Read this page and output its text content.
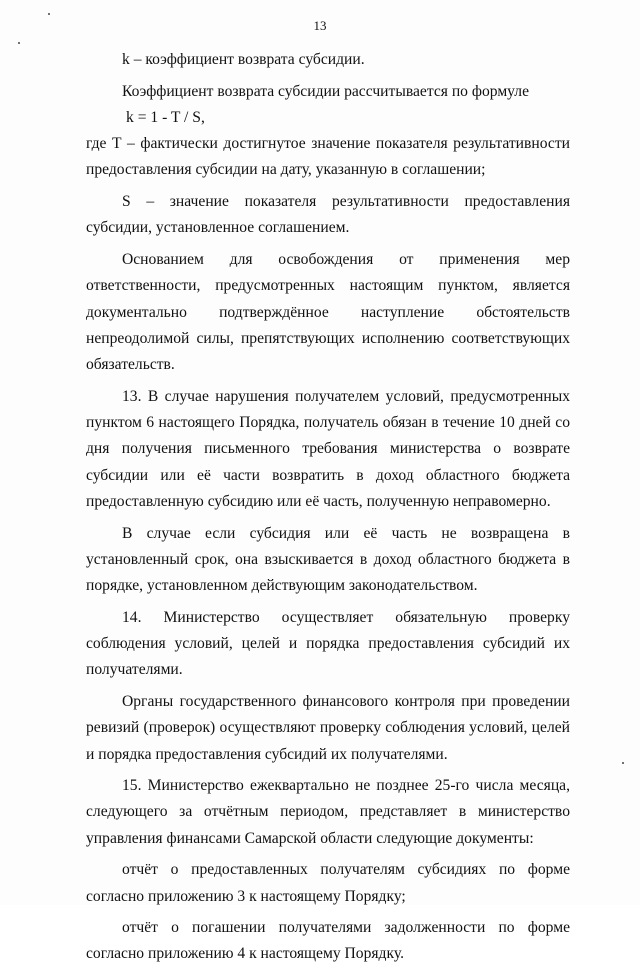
13

k – коэффициент возврата субсидии.

Коэффициент возврата субсидии рассчитывается по формуле

k = 1 - T / S,

где Т – фактически достигнутое значение показателя результативности предоставления субсидии на дату, указанную в соглашении;

S – значение показателя результативности предоставления субсидии, установленное соглашением.

Основанием для освобождения от применения мер ответственности, предусмотренных настоящим пунктом, является документально подтверждённое наступление обстоятельств непреодолимой силы, препятствующих исполнению соответствующих обязательств.

13. В случае нарушения получателем условий, предусмотренных пунктом 6 настоящего Порядка, получатель обязан в течение 10 дней со дня получения письменного требования министерства о возврате субсидии или её части возвратить в доход областного бюджета предоставленную субсидию или её часть, полученную неправомерно.

В случае если субсидия или её часть не возвращена в установленный срок, она взыскивается в доход областного бюджета в порядке, установленном действующим законодательством.

14. Министерство осуществляет обязательную проверку соблюдения условий, целей и порядка предоставления субсидий их получателями.

Органы государственного финансового контроля при проведении ревизий (проверок) осуществляют проверку соблюдения условий, целей и порядка предоставления субсидий их получателями.

15. Министерство ежеквартально не позднее 25-го числа месяца, следующего за отчётным периодом, представляет в министерство управления финансами Самарской области следующие документы:

отчёт о предоставленных получателям субсидиях по форме согласно приложению 3 к настоящему Порядку;

отчёт о погашении получателями задолженности по форме согласно приложению 4 к настоящему Порядку.
